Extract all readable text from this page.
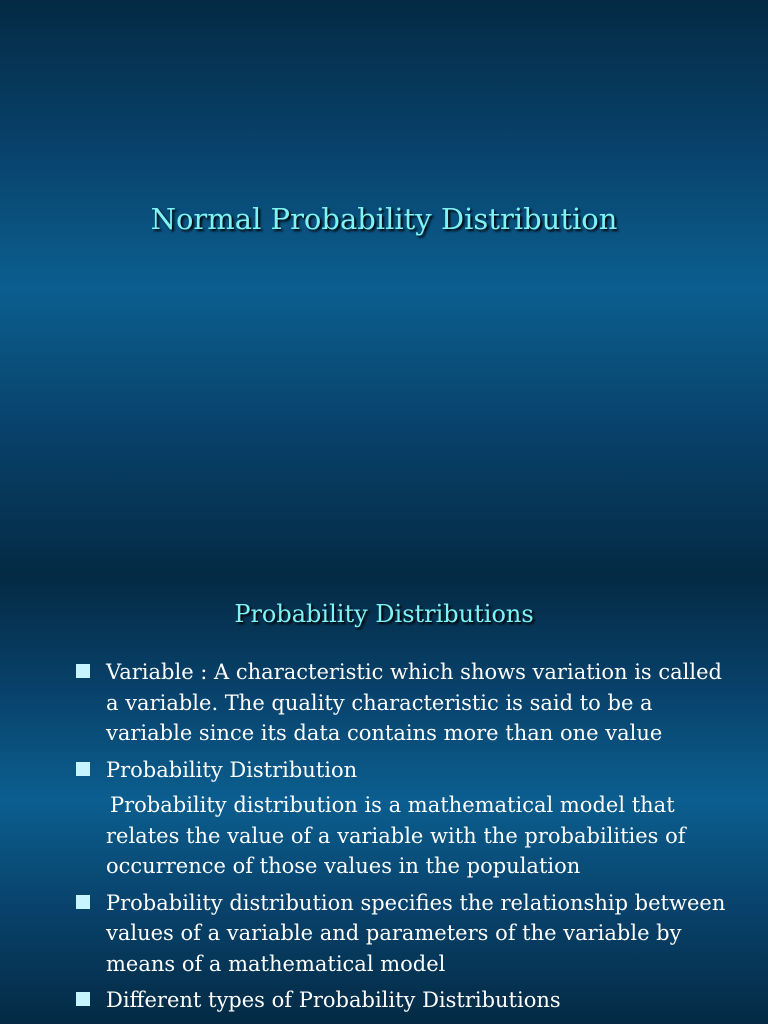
Normal Probability Distribution
Probability Distributions
Variable : A characteristic which shows variation is called a variable. The quality characteristic is said to be a variable since its data contains more than one value
Probability Distribution
Probability distribution is a mathematical model that relates the value of a variable with the probabilities of occurrence of those values in the population
Probability distribution specifies the relationship between values of a variable and parameters of the variable by means of a mathematical model
Different types of Probability Distributions
